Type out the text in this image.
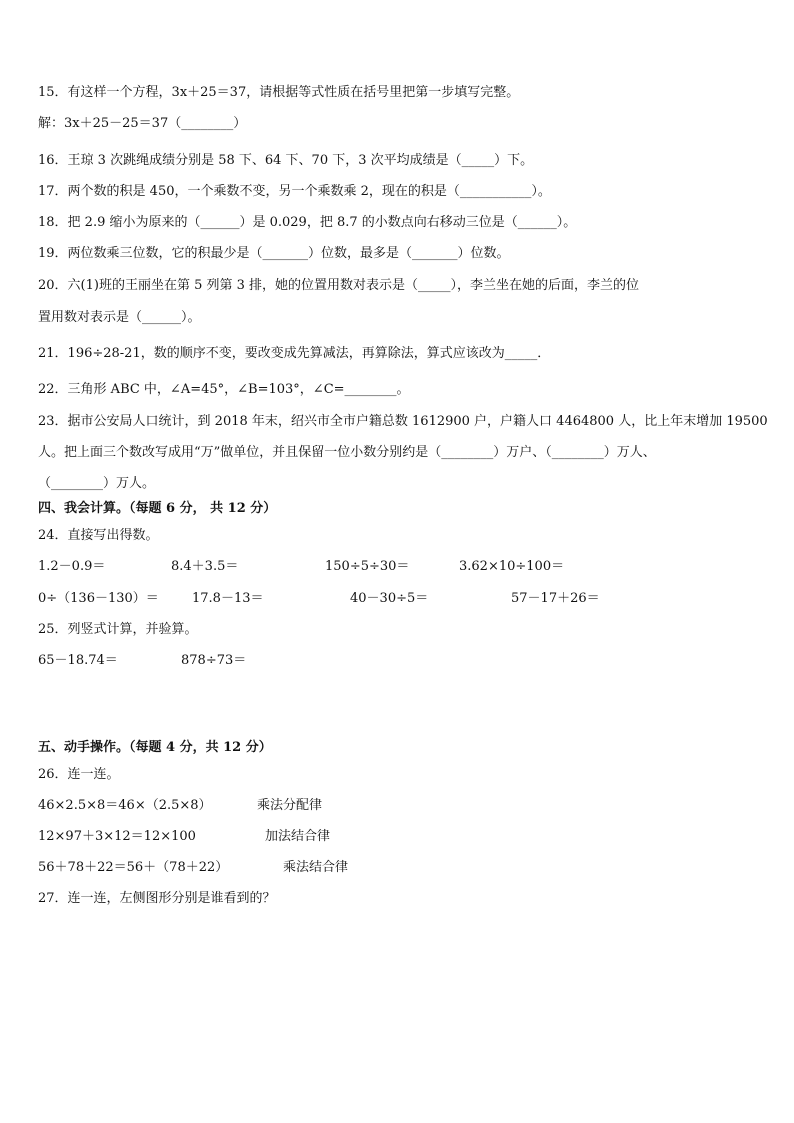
15．有这样一个方程，3x＋25＝37，请根据等式性质在括号里把第一步填写完整。
解：3x＋25－25＝37（________）
16．王琼 3 次跳绳成绩分别是 58 下、64 下、70 下，3 次平均成绩是（_____）下。
17．两个数的积是 450，一个乘数不变，另一个乘数乘 2，现在的积是（___________）。
18．把 2.9 缩小为原来的（______）是 0.029，把 8.7 的小数点向右移动三位是（______）。
19．两位数乘三位数，它的积最少是（_______）位数，最多是（_______）位数。
20．六(1)班的王丽坐在第 5 列第 3 排，她的位置用数对表示是（_____），李兰坐在她的后面，李兰的位
置用数对表示是（______）。
21．196÷28-21，数的顺序不变，要改变成先算减法，再算除法，算式应该改为_____．
22．三角形 ABC 中，∠A=45°，∠B=103°，∠C=________。
23．据市公安局人口统计，到 2018 年末，绍兴市全市户籍总数 1612900 户，户籍人口 4464800 人，比上年末增加 19500
人。把上面三个数改写成用“万”做单位，并且保留一位小数分别约是（________）万户、（________）万人、
（________）万人。
四、我会计算。（每题 6 分， 共 12 分）
24．直接写出得数。
1.2－0.9＝	8.4＋3.5＝	150÷5÷30＝	3.62×10÷100＝
0÷（136－130）＝	17.8－13＝	40－30÷5＝	57－17＋26＝
25．列竖式计算，并验算。
65－18.74＝	878÷73＝
五、动手操作。（每题 4 分，共 12 分）
26．连一连。
46×2.5×8＝46×（2.5×8）	乘法分配律
12×97＋3×12＝12×100	加法结合律
56＋78＋22＝56＋（78＋22）	乘法结合律
27．连一连，左侧图形分别是谁看到的？
